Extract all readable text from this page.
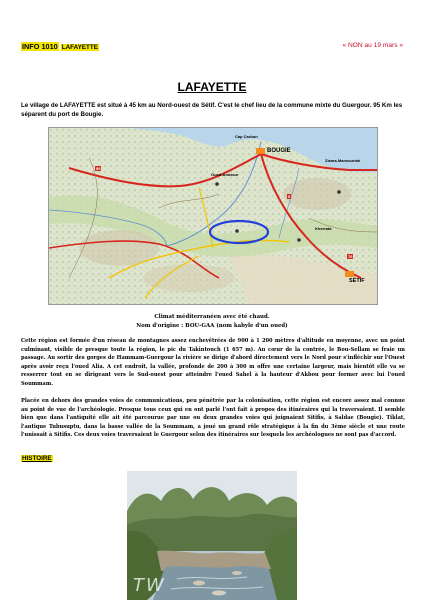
INFO 1010 LAFAYETTE	« NON au 19 mars »
LAFAYETTE
Le village de LAFAYETTE est situé à 45 km au Nord-ouest de Sétif. C'est le chef lieu de la commune mixte du Guergour. 95 Km les séparent du port de Bougie.
Cap Carbon
BOUGIE
Ziama-Mansouriah
Oued-Amizour
Kherrata
SÉTIF
95
76
9
Climat méditerranéen avec été chaud.
Nom d'origine : BOU-GAA (nom kabyle d'un oued)
Cette région est formée d'un réseau de montagnes assez enchevêtrées de 900 à 1 200 mètres d'altitude en moyenne, avec un point culminant, visible de presque toute la région, le pic du Takintouch (1 657 m). Au cœur de la contrée, le Bou-Sellam se fraie un passage. Au sortir des gorges de Hammam-Guergour la rivière se dirige d'abord directement vers le Nord pour s'infléchir sur l'Ouest après avoir reçu l'oued Alia. A cet endroit, la vallée, profonde de 200 à 300 m offre une certaine largeur, mais bientôt elle va se resserrer tout en se dirigeant vers le Sud-ouest pour atteindre l'oued Sahel à la hauteur d'Akbou pour former avec lui l'oued Soummam.
Placée en dehors des grandes voies de communications, peu pénétrée par la colonisation, cette région est encore assez mal connue au point de vue de l'archéologie. Presque tous ceux qui en ont parlé l'ont fait à propos des itinéraires qui la traversaient. Il semble bien que dans l'antiquité elle ait été parcourue par une ou deux grandes voies qui joignaient Sitifis, à Saldae (Bougie). Tiklat, l'antique Tubusuptu, dans la basse vallée de la Soummam, a joué un grand rôle stratégique à la fin du 3ème siècle et une route l'unissait à Sitifis. Ces deux voies traversaient le Guergour selon des itinéraires sur lesquels les archéologues ne sont pas d'accord.
HISTOIRE
TW
